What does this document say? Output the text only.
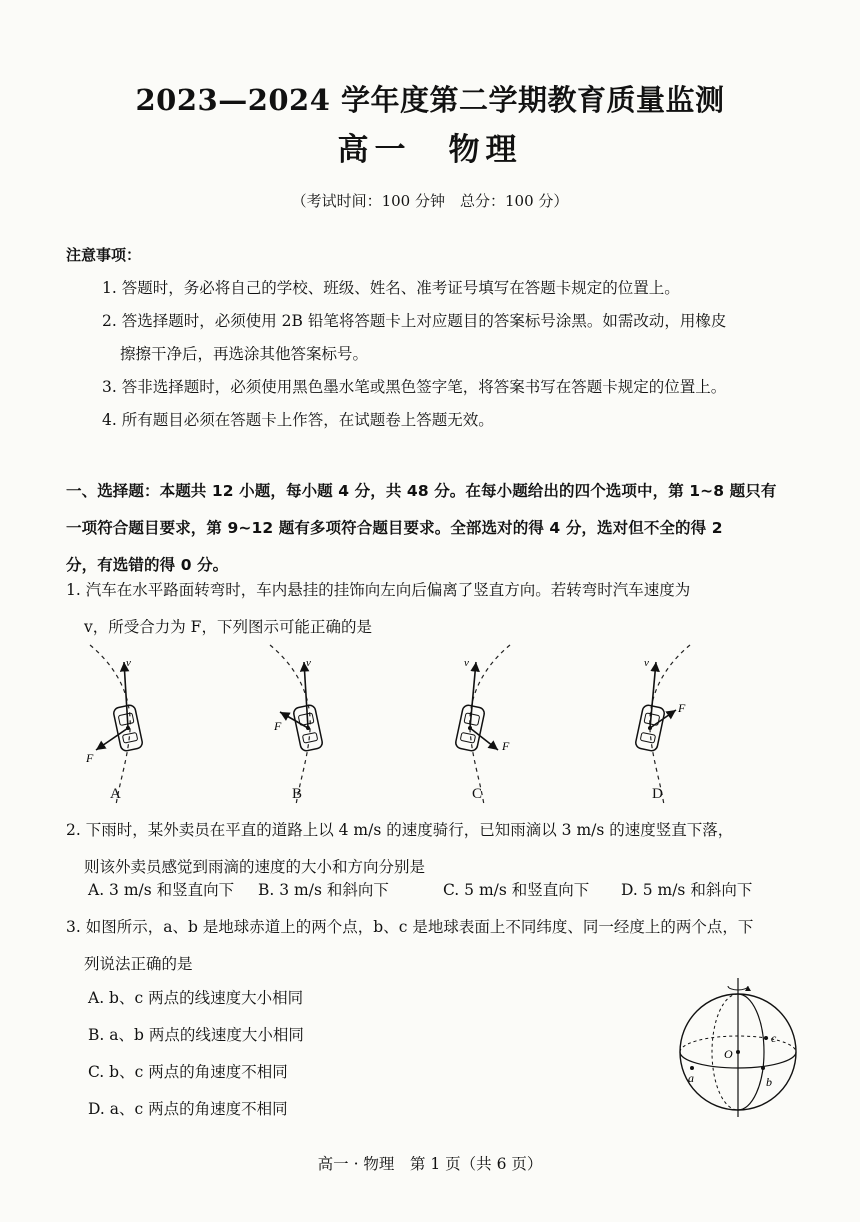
2023—2024 学年度第二学期教育质量监测
高一　物理
（考试时间：100 分钟　总分：100 分）
注意事项：
1. 答题时，务必将自己的学校、班级、姓名、准考证号填写在答题卡规定的位置上。
2. 答选择题时，必须使用 2B 铅笔将答题卡上对应题目的答案标号涂黑。如需改动，用橡皮
擦擦干净后，再选涂其他答案标号。
3. 答非选择题时，必须使用黑色墨水笔或黑色签字笔，将答案书写在答题卡规定的位置上。
4. 所有题目必须在答题卡上作答，在试题卷上答题无效。
一、选择题：本题共 12 小题，每小题 4 分，共 48 分。在每小题给出的四个选项中，第 1~8 题只有
一项符合题目要求，第 9~12 题有多项符合题目要求。全部选对的得 4 分，选对但不全的得 2
分，有选错的得 0 分。
1. 汽车在水平路面转弯时，车内悬挂的挂饰向左向后偏离了竖直方向。若转弯时汽车速度为
v，所受合力为 F，下列图示可能正确的是
v
F
v
F
v
F
v
F
A	B	C	D
2. 下雨时，某外卖员在平直的道路上以 4 m/s 的速度骑行，已知雨滴以 3 m/s 的速度竖直下落，
则该外卖员感觉到雨滴的速度的大小和方向分别是
A. 3 m/s 和竖直向下	B. 3 m/s 和斜向下	C. 5 m/s 和竖直向下	D. 5 m/s 和斜向下
3. 如图所示，a、b 是地球赤道上的两个点，b、c 是地球表面上不同纬度、同一经度上的两个点，下
列说法正确的是
A. b、c 两点的线速度大小相同
B. a、b 两点的线速度大小相同
C. b、c 两点的角速度不相同
D. a、c 两点的角速度不相同
O
a	b
c
高一 · 物理　第 1 页（共 6 页）
